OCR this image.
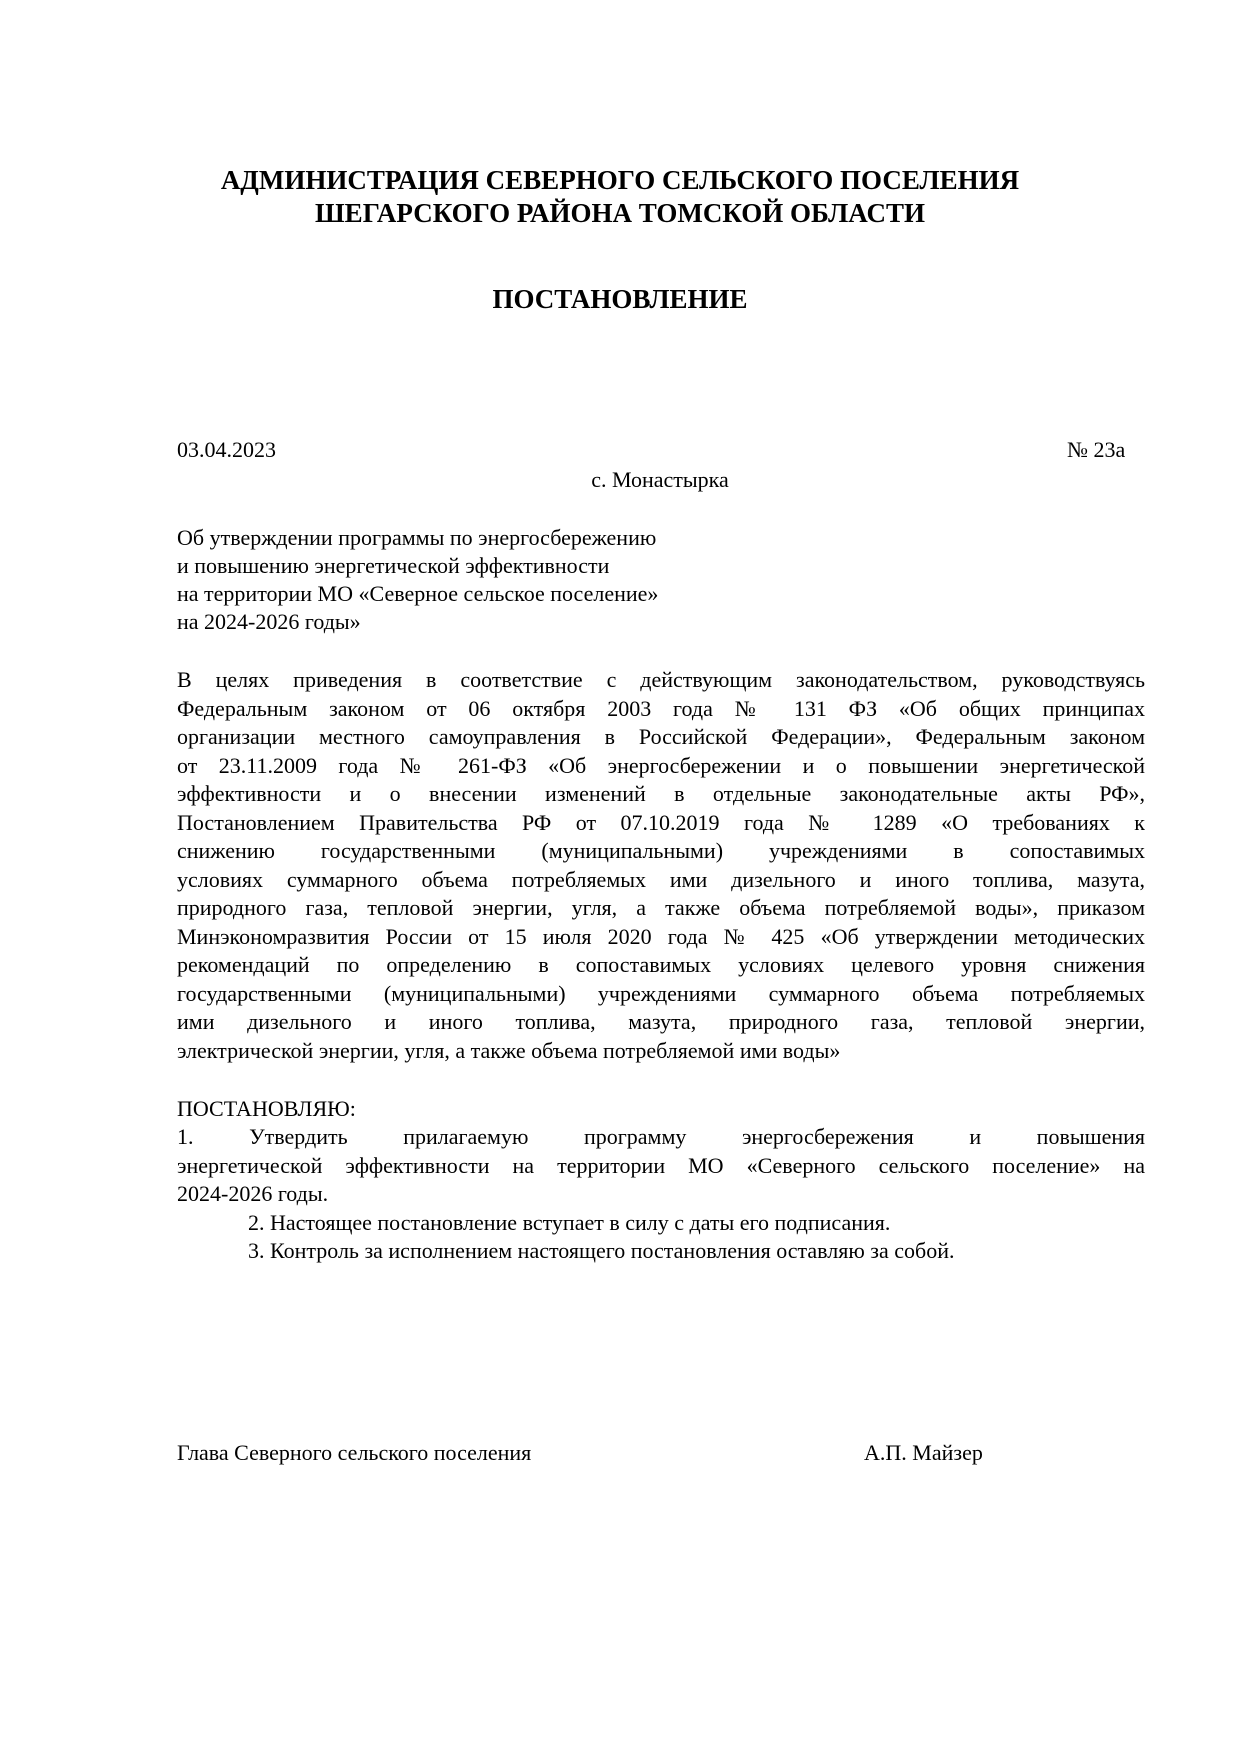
АДМИНИСТРАЦИЯ СЕВЕРНОГО СЕЛЬСКОГО ПОСЕЛЕНИЯ
ШЕГАРСКОГО РАЙОНА ТОМСКОЙ ОБЛАСТИ
ПОСТАНОВЛЕНИЕ
03.04.2023	№ 23а
с. Монастырка
Об утверждении программы по энергосбережению
и повышению энергетической эффективности
на территории МО «Северное сельское поселение»
на 2024-2026 годы»
В целях приведения в соответствие с действующим законодательством, руководствуясь
Федеральным законом от 06 октября 2003 года № 131 ФЗ «Об общих принципах
организации местного самоуправления в Российской Федерации», Федеральным законом
от 23.11.2009 года № 261-ФЗ «Об энергосбережении и о повышении энергетической
эффективности и о внесении изменений в отдельные законодательные акты РФ»,
Постановлением Правительства РФ от 07.10.2019 года № 1289 «О требованиях к
снижению государственными (муниципальными) учреждениями в сопоставимых
условиях суммарного объема потребляемых ими дизельного и иного топлива, мазута,
природного газа, тепловой энергии, угля, а также объема потребляемой воды», приказом
Минэкономразвития России от 15 июля 2020 года № 425 «Об утверждении методических
рекомендаций по определению в сопоставимых условиях целевого уровня снижения
государственными (муниципальными) учреждениями суммарного объема потребляемых
ими дизельного и иного топлива, мазута, природного газа, тепловой энергии,
электрической энергии, угля, а также объема потребляемой ими воды»
ПОСТАНОВЛЯЮ:
1. Утвердить прилагаемую программу энергосбережения и повышения
энергетической эффективности на территории МО «Северного сельского поселение» на
2024-2026 годы.
2. Настоящее постановление вступает в силу с даты его подписания.
3. Контроль за исполнением настоящего постановления оставляю за собой.
Глава Северного сельского поселения	А.П. Майзер
